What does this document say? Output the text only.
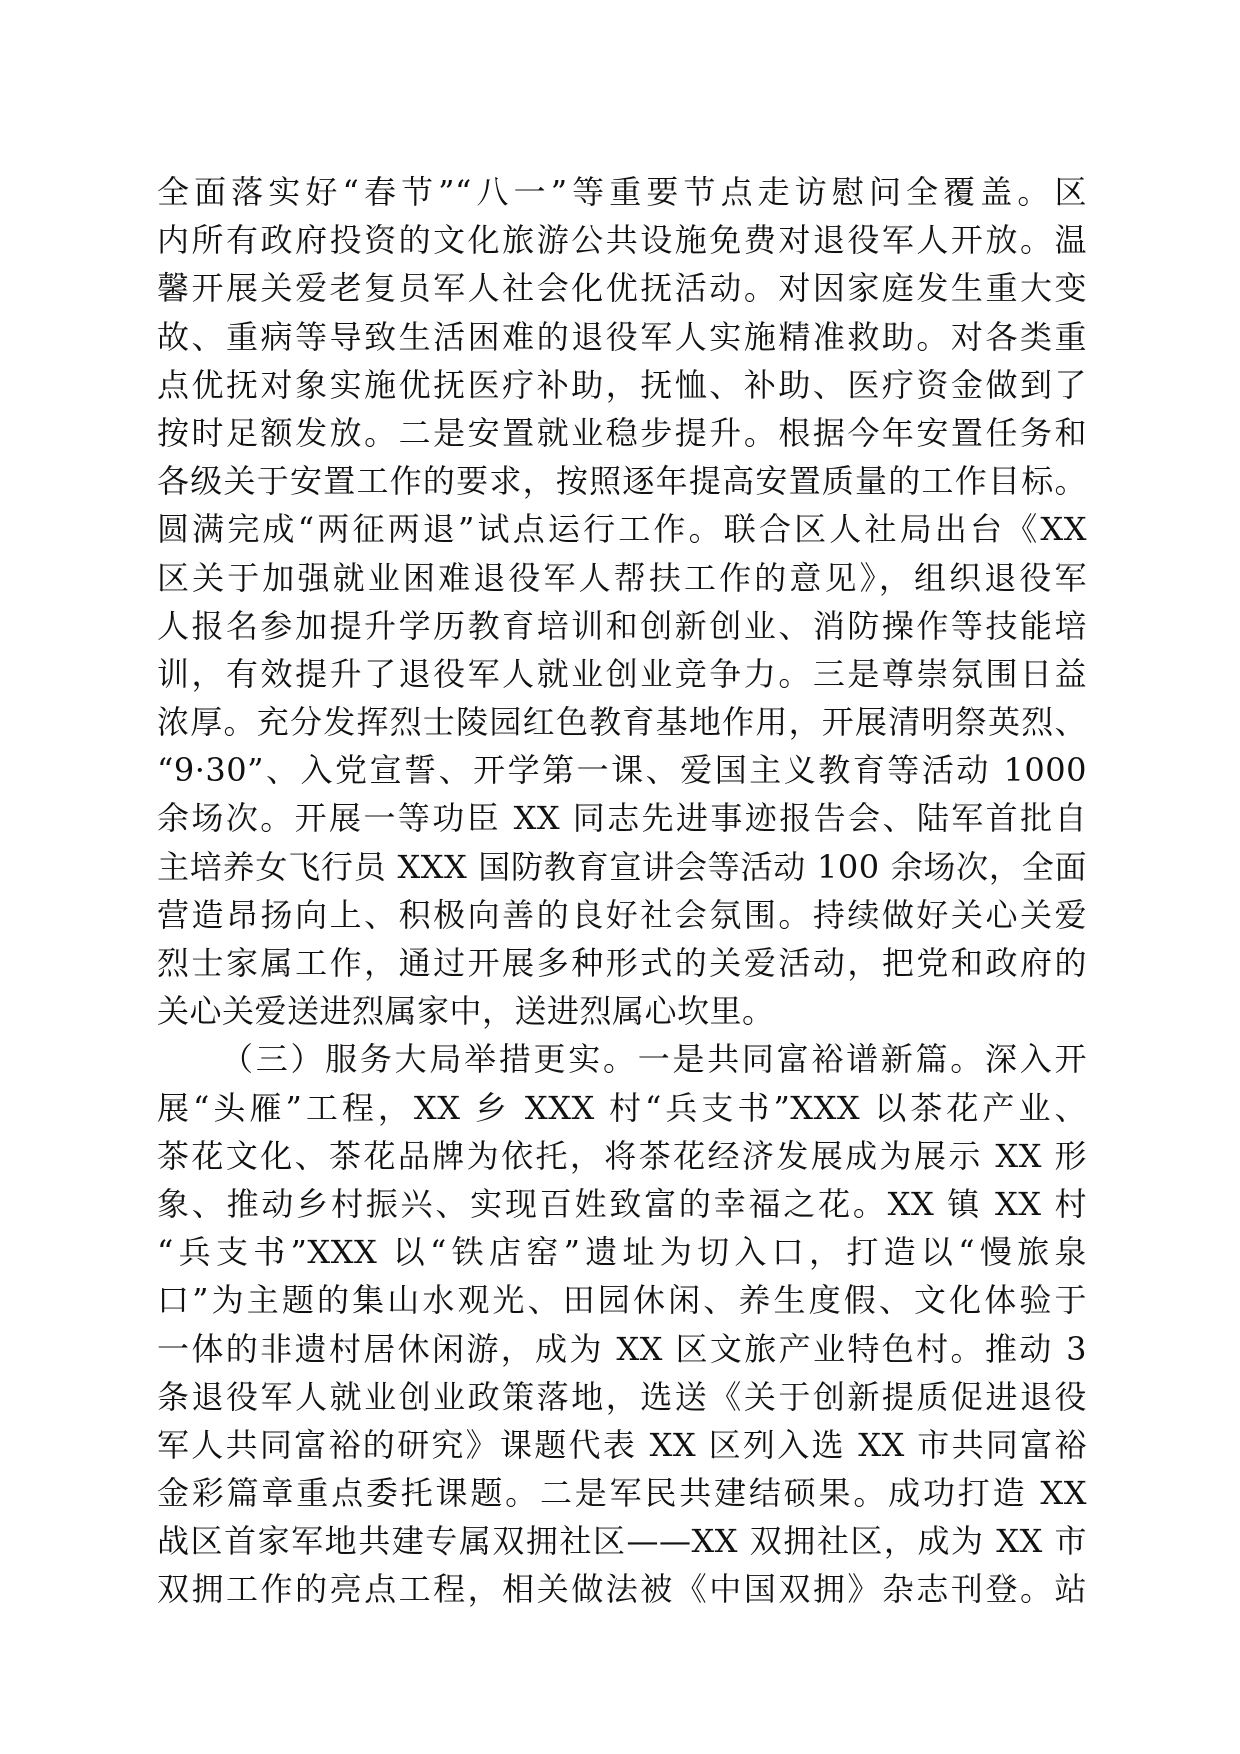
全面落实好“春节”“八一”等重要节点走访慰问全覆盖。区
内所有政府投资的文化旅游公共设施免费对退役军人开放。温
馨开展关爱老复员军人社会化优抚活动。对因家庭发生重大变
故、重病等导致生活困难的退役军人实施精准救助。对各类重
点优抚对象实施优抚医疗补助，抚恤、补助、医疗资金做到了
按时足额发放。二是安置就业稳步提升。根据今年安置任务和
各级关于安置工作的要求，按照逐年提高安置质量的工作目标。
圆满完成“两征两退”试点运行工作。联合区人社局出台《XX
区关于加强就业困难退役军人帮扶工作的意见》，组织退役军
人报名参加提升学历教育培训和创新创业、消防操作等技能培
训，有效提升了退役军人就业创业竞争力。三是尊崇氛围日益
浓厚。充分发挥烈士陵园红色教育基地作用，开展清明祭英烈、
“9·30”、入党宣誓、开学第一课、爱国主义教育等活动 1000
余场次。开展一等功臣 XX 同志先进事迹报告会、陆军首批自
主培养女飞行员 XXX 国防教育宣讲会等活动 100 余场次，全面
营造昂扬向上、积极向善的良好社会氛围。持续做好关心关爱
烈士家属工作，通过开展多种形式的关爱活动，把党和政府的
关心关爱送进烈属家中，送进烈属心坎里。
（三）服务大局举措更实。一是共同富裕谱新篇。深入开
展“头雁”工程，XX 乡 XXX 村“兵支书”XXX 以茶花产业、
茶花文化、茶花品牌为依托，将茶花经济发展成为展示 XX 形
象、推动乡村振兴、实现百姓致富的幸福之花。XX 镇 XX 村
“兵支书”XXX 以“铁店窑”遗址为切入口，打造以“慢旅泉
口”为主题的集山水观光、田园休闲、养生度假、文化体验于
一体的非遗村居休闲游，成为 XX 区文旅产业特色村。推动 3
条退役军人就业创业政策落地，选送《关于创新提质促进退役
军人共同富裕的研究》课题代表 XX 区列入选 XX 市共同富裕
金彩篇章重点委托课题。二是军民共建结硕果。成功打造 XX
战区首家军地共建专属双拥社区——XX 双拥社区，成为 XX 市
双拥工作的亮点工程，相关做法被《中国双拥》杂志刊登。站
